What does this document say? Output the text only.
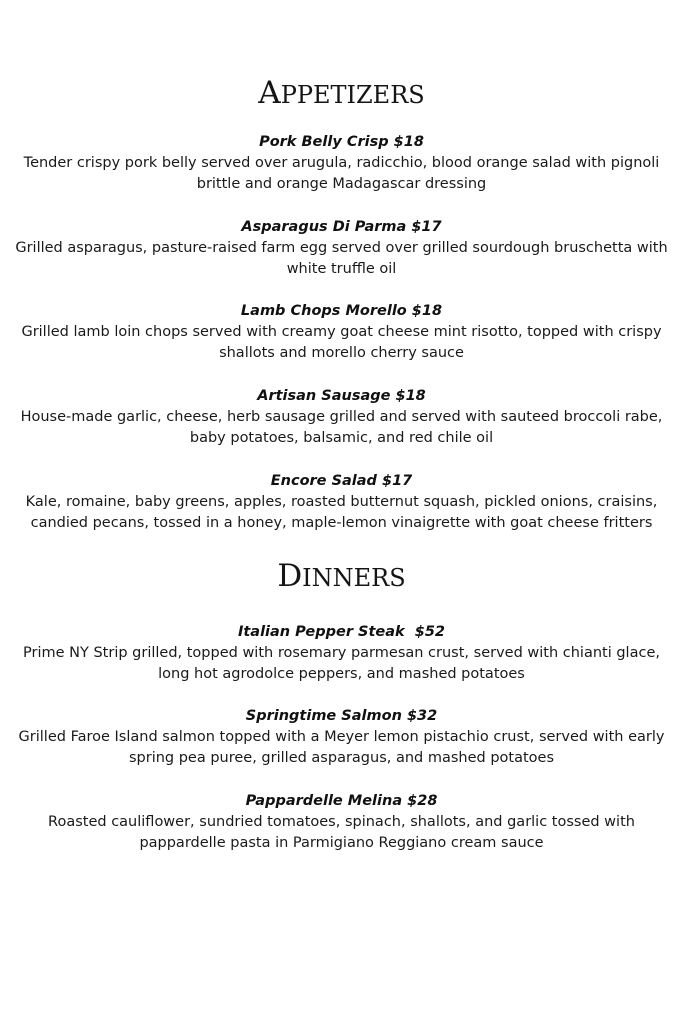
APPETIZERS
Pork Belly Crisp $18
Tender crispy pork belly served over arugula, radicchio, blood orange salad with pignoli
brittle and orange Madagascar dressing
Asparagus Di Parma $17
Grilled asparagus, pasture-raised farm egg served over grilled sourdough bruschetta with
white truffle oil
Lamb Chops Morello $18
Grilled lamb loin chops served with creamy goat cheese mint risotto, topped with crispy
shallots and morello cherry sauce
Artisan Sausage $18
House-made garlic, cheese, herb sausage grilled and served with sauteed broccoli rabe,
baby potatoes, balsamic, and red chile oil
Encore Salad $17
Kale, romaine, baby greens, apples, roasted butternut squash, pickled onions, craisins,
candied pecans, tossed in a honey, maple-lemon vinaigrette with goat cheese fritters
DINNERS
Italian Pepper Steak  $52
Prime NY Strip grilled, topped with rosemary parmesan crust, served with chianti glace,
long hot agrodolce peppers, and mashed potatoes
Springtime Salmon $32
Grilled Faroe Island salmon topped with a Meyer lemon pistachio crust, served with early
spring pea puree, grilled asparagus, and mashed potatoes
Pappardelle Melina $28
Roasted cauliflower, sundried tomatoes, spinach, shallots, and garlic tossed with
pappardelle pasta in Parmigiano Reggiano cream sauce
